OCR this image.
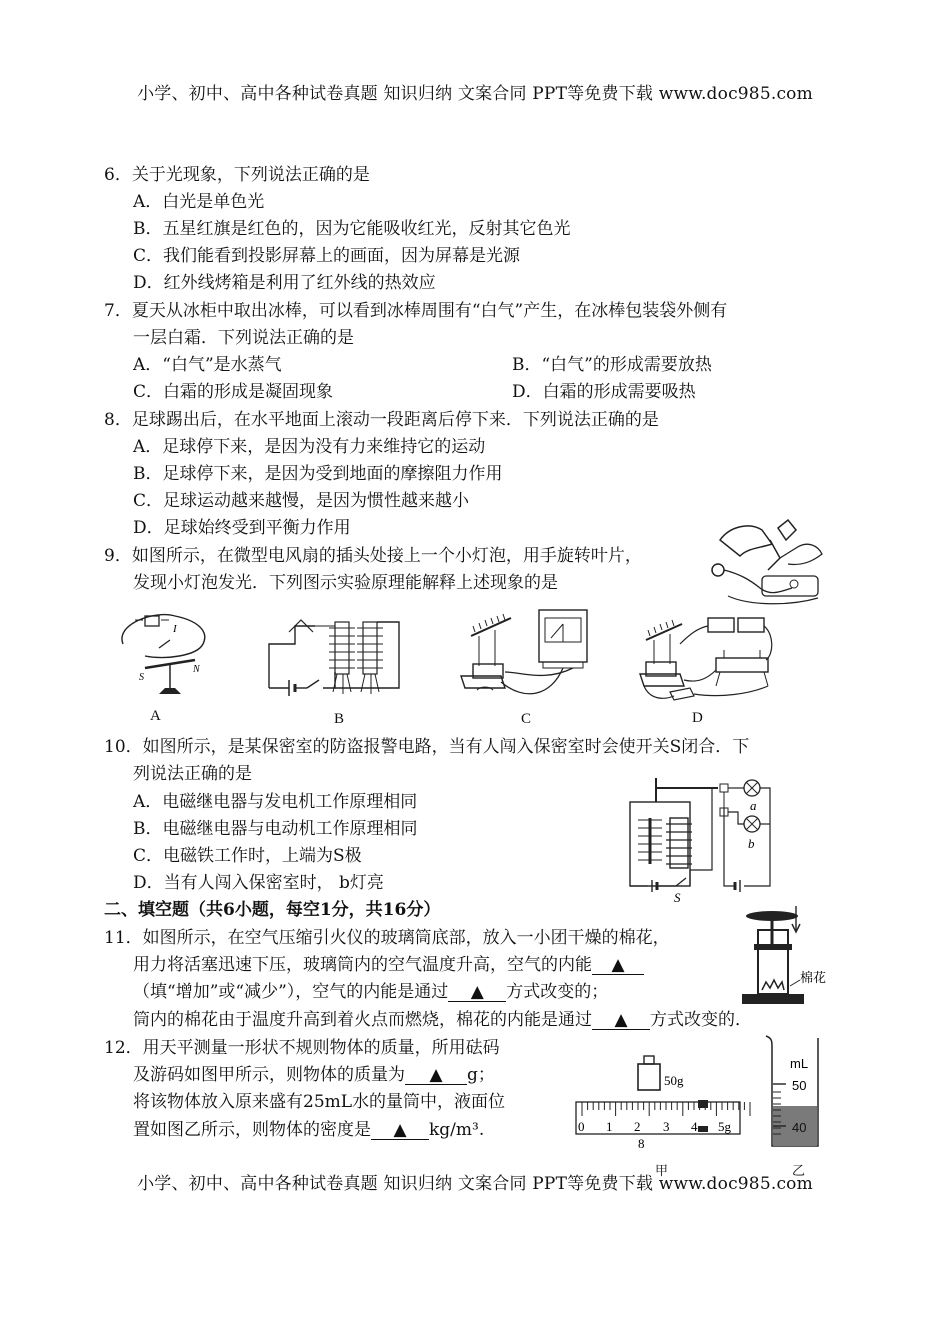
小学、初中、高中各种试卷真题 知识归纳 文案合同 PPT等免费下载 www.doc985.com
6．关于光现象，下列说法正确的是
A．白光是单色光
B．五星红旗是红色的，因为它能吸收红光，反射其它色光
C．我们能看到投影屏幕上的画面，因为屏幕是光源
D．红外线烤箱是利用了红外线的热效应
7．夏天从冰柜中取出冰棒，可以看到冰棒周围有“白气”产生，在冰棒包装袋外侧有
一层白霜．下列说法正确的是
A．“白气”是水蒸气	B．“白气”的形成需要放热
C．白霜的形成是凝固现象	D．白霜的形成需要吸热
8．足球踢出后，在水平地面上滚动一段距离后停下来．下列说法正确的是
A．足球停下来，是因为没有力来维持它的运动
B．足球停下来，是因为受到地面的摩擦阻力作用
C．足球运动越来越慢，是因为惯性越来越小
D．足球始终受到平衡力作用
9．如图所示，在微型电风扇的插头处接上一个小灯泡，用手旋转叶片，
发现小灯泡发光．下列图示实验原理能解释上述现象的是
I
S
N
A	B	C	D
10．如图所示，是某保密室的防盗报警电路，当有人闯入保密室时会使开关S闭合．下
列说法正确的是
A．电磁继电器与发电机工作原理相同
B．电磁继电器与电动机工作原理相同
C．电磁铁工作时，上端为S极
D．当有人闯入保密室时， b灯亮
a
b
S
二、填空题（共6小题，每空1分，共16分）
11．如图所示，在空气压缩引火仪的玻璃筒底部，放入一小团干燥的棉花，
用力将活塞迅速下压，玻璃筒内的空气温度升高，空气的内能 ▲
（填“增加”或“减少”），空气的内能是通过 ▲ 方式改变的；
筒内的棉花由于温度升高到着火点而燃烧，棉花的内能是通过 ▲ 方式改变的．
棉花
12．用天平测量一形状不规则物体的质量，所用砝码
及游码如图甲所示，则物体的质量为 ▲ g；
将该物体放入原来盛有25mL水的量筒中，液面位
置如图乙所示，则物体的密度是 ▲ kg/m³.
50g
0 1 2 3 4 5g
8
mL
50
40
小学、初中、高中各种试卷真题 知识归纳 文案合同 PPT等免费下载 www.doc985.com
甲	乙
